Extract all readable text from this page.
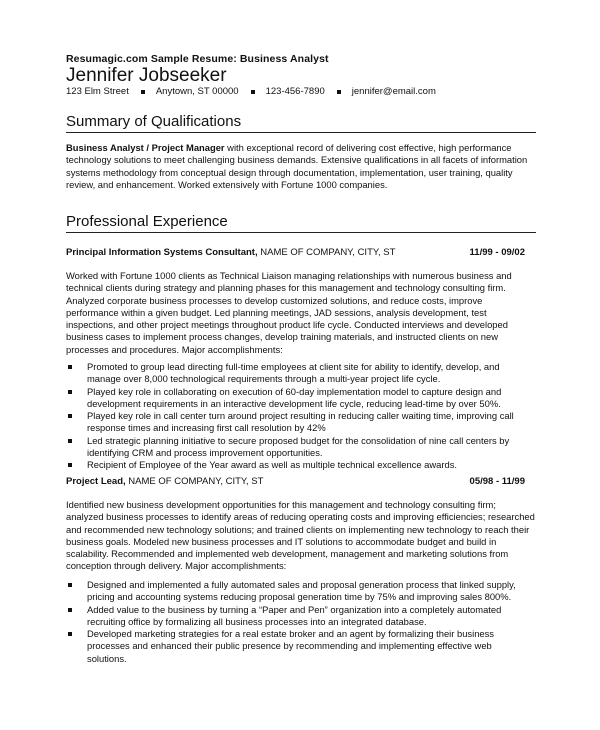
Resumagic.com Sample Resume: Business Analyst
Jennifer Jobseeker
123 Elm Street	Anytown, ST 00000	123-456-7890	jennifer@email.com
Summary of Qualifications
Business Analyst / Project Manager with exceptional record of delivering cost effective, high performance technology solutions to meet challenging business demands. Extensive qualifications in all facets of information systems methodology from conceptual design through documentation, implementation, user training, quality review, and enhancement. Worked extensively with Fortune 1000 companies.
Professional Experience
Principal Information Systems Consultant, NAME OF COMPANY, CITY, ST	11/99 - 09/02
Worked with Fortune 1000 clients as Technical Liaison managing relationships with numerous business and technical clients during strategy and planning phases for this management and technology consulting firm. Analyzed corporate business processes to develop customized solutions, and reduce costs, improve performance within a given budget. Led planning meetings, JAD sessions, analysis development, test inspections, and other project meetings throughout product life cycle. Conducted interviews and developed business cases to implement process changes, develop training materials, and instructed clients on new processes and procedures. Major accomplishments:
Promoted to group lead directing full-time employees at client site for ability to identify, develop, and manage over 8,000 technological requirements through a multi-year project life cycle.
Played key role in collaborating on execution of 60-day implementation model to capture design and development requirements in an interactive development life cycle, reducing lead-time by over 50%.
Played key role in call center turn around project resulting in reducing caller waiting time, improving call response times and increasing first call resolution by 42%
Led strategic planning initiative to secure proposed budget for the consolidation of nine call centers by identifying CRM and process improvement opportunities.
Recipient of Employee of the Year award as well as multiple technical excellence awards.
Project Lead, NAME OF COMPANY, CITY, ST	05/98 - 11/99
Identified new business development opportunities for this management and technology consulting firm; analyzed business processes to identify areas of reducing operating costs and improving efficiencies; researched and recommended new technology solutions; and trained clients on implementing new technology to reach their business goals. Modeled new business processes and IT solutions to accommodate budget and build in scalability. Recommended and implemented web development, management and marketing solutions from conception through delivery. Major accomplishments:
Designed and implemented a fully automated sales and proposal generation process that linked supply, pricing and accounting systems reducing proposal generation time by 75% and improving sales 800%.
Added value to the business by turning a “Paper and Pen” organization into a completely automated recruiting office by formalizing all business processes into an integrated database.
Developed marketing strategies for a real estate broker and an agent by formalizing their business processes and enhanced their public presence by recommending and implementing effective web solutions.
